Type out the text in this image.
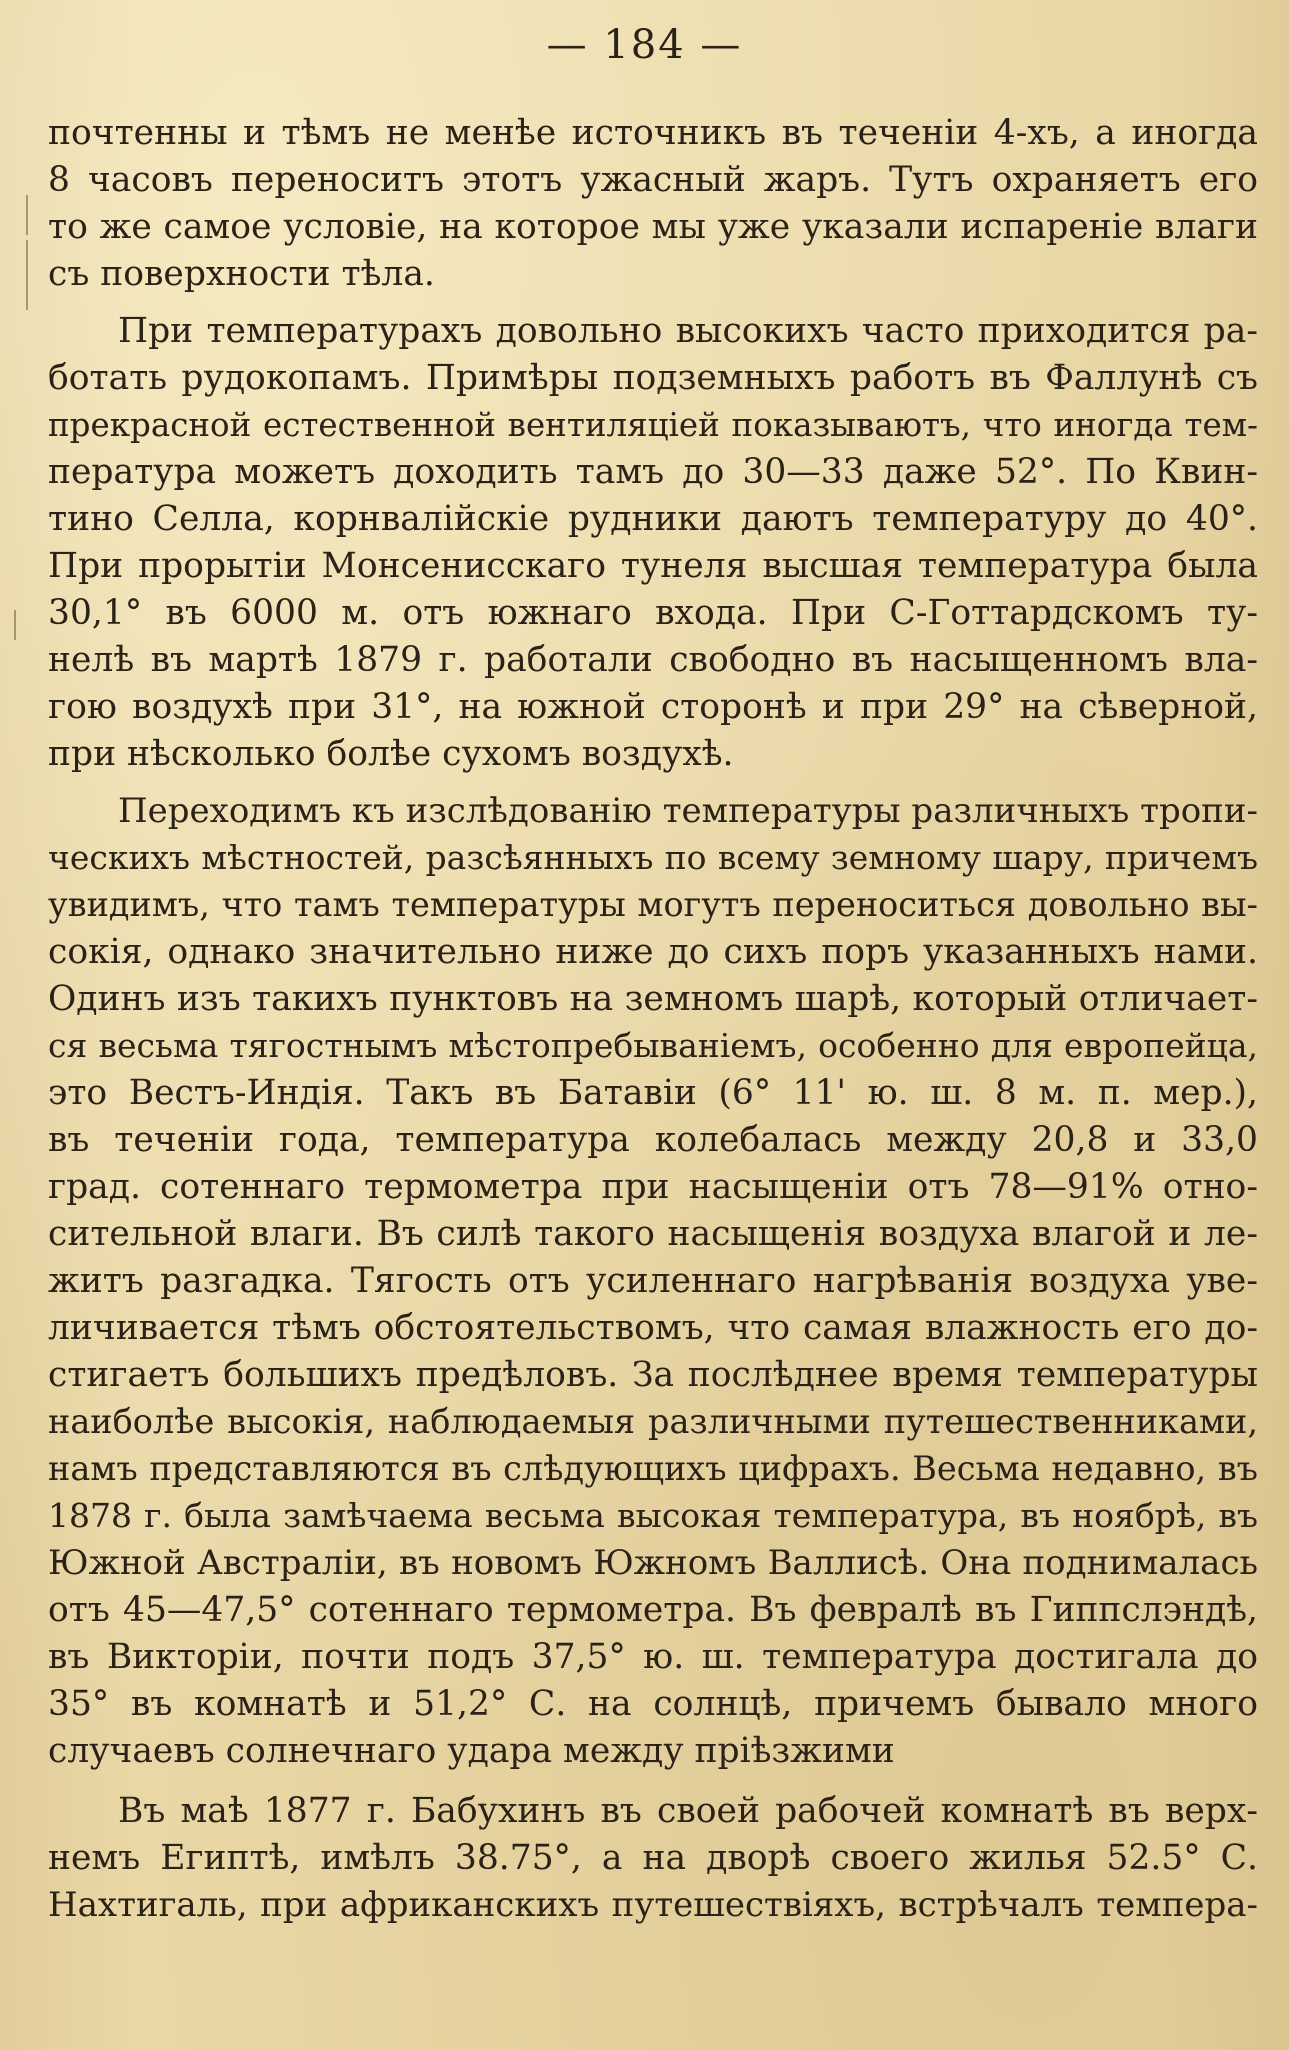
— 184 —
почтенны и тѣмъ не менѣе источникъ въ теченіи 4-хъ, а иногда
8 часовъ переноситъ этотъ ужасный жаръ. Тутъ охраняетъ его
то же самое условіе, на которое мы уже указали испареніе влаги
съ поверхности тѣла.
При температурахъ довольно высокихъ часто приходится ра-
ботать рудокопамъ. Примѣры подземныхъ работъ въ Фаллунѣ съ
прекрасной естественной вентиляціей показываютъ, что иногда тем-
пература можетъ доходить тамъ до 30—33 даже 52°. По Квин-
тино Селла, корнвалійскіе рудники даютъ температуру до 40°.
При прорытіи Монсенисскаго тунеля высшая температура была
30,1° въ 6000 м. отъ южнаго входа. При С-Готтардскомъ ту-
нелѣ въ мартѣ 1879 г. работали свободно въ насыщенномъ вла-
гою воздухѣ при 31°, на южной сторонѣ и при 29° на сѣверной,
при нѣсколько болѣе сухомъ воздухѣ.
Переходимъ къ изслѣдованію температуры различныхъ тропи-
ческихъ мѣстностей, разсѣянныхъ по всему земному шару, причемъ
увидимъ, что тамъ температуры могутъ переноситься довольно вы-
сокія, однако значительно ниже до сихъ поръ указанныхъ нами.
Одинъ изъ такихъ пунктовъ на земномъ шарѣ, который отличает-
ся весьма тягостнымъ мѣстопребываніемъ, особенно для европейца,
это Вестъ-Индія. Такъ въ Батавіи (6° 11' ю. ш. 8 м. п. мер.),
въ теченіи года, температура колебалась между 20,8 и 33,0
град. сотеннаго термометра при насыщеніи отъ 78—91% отно-
сительной влаги. Въ силѣ такого насыщенія воздуха влагой и ле-
житъ разгадка. Тягость отъ усиленнаго нагрѣванія воздуха уве-
личивается тѣмъ обстоятельствомъ, что самая влажность его до-
стигаетъ большихъ предѣловъ. За послѣднее время температуры
наиболѣе высокія, наблюдаемыя различными путешественниками,
намъ представляются въ слѣдующихъ цифрахъ. Весьма недавно, въ
1878 г. была замѣчаема весьма высокая температура, въ ноябрѣ, въ
Южной Австраліи, въ новомъ Южномъ Валлисѣ. Она поднималась
отъ 45—47,5° сотеннаго термометра. Въ февралѣ въ Гиппслэндѣ,
въ Викторіи, почти подъ 37,5° ю. ш. температура достигала до
35° въ комнатѣ и 51,2° С. на солнцѣ, причемъ бывало много
случаевъ солнечнаго удара между пріѣзжими
Въ маѣ 1877 г. Бабухинъ въ своей рабочей комнатѣ въ верх-
немъ Египтѣ, имѣлъ 38.75°, а на дворѣ своего жилья 52.5° С.
Нахтигаль, при африканскихъ путешествіяхъ, встрѣчалъ темпера-
